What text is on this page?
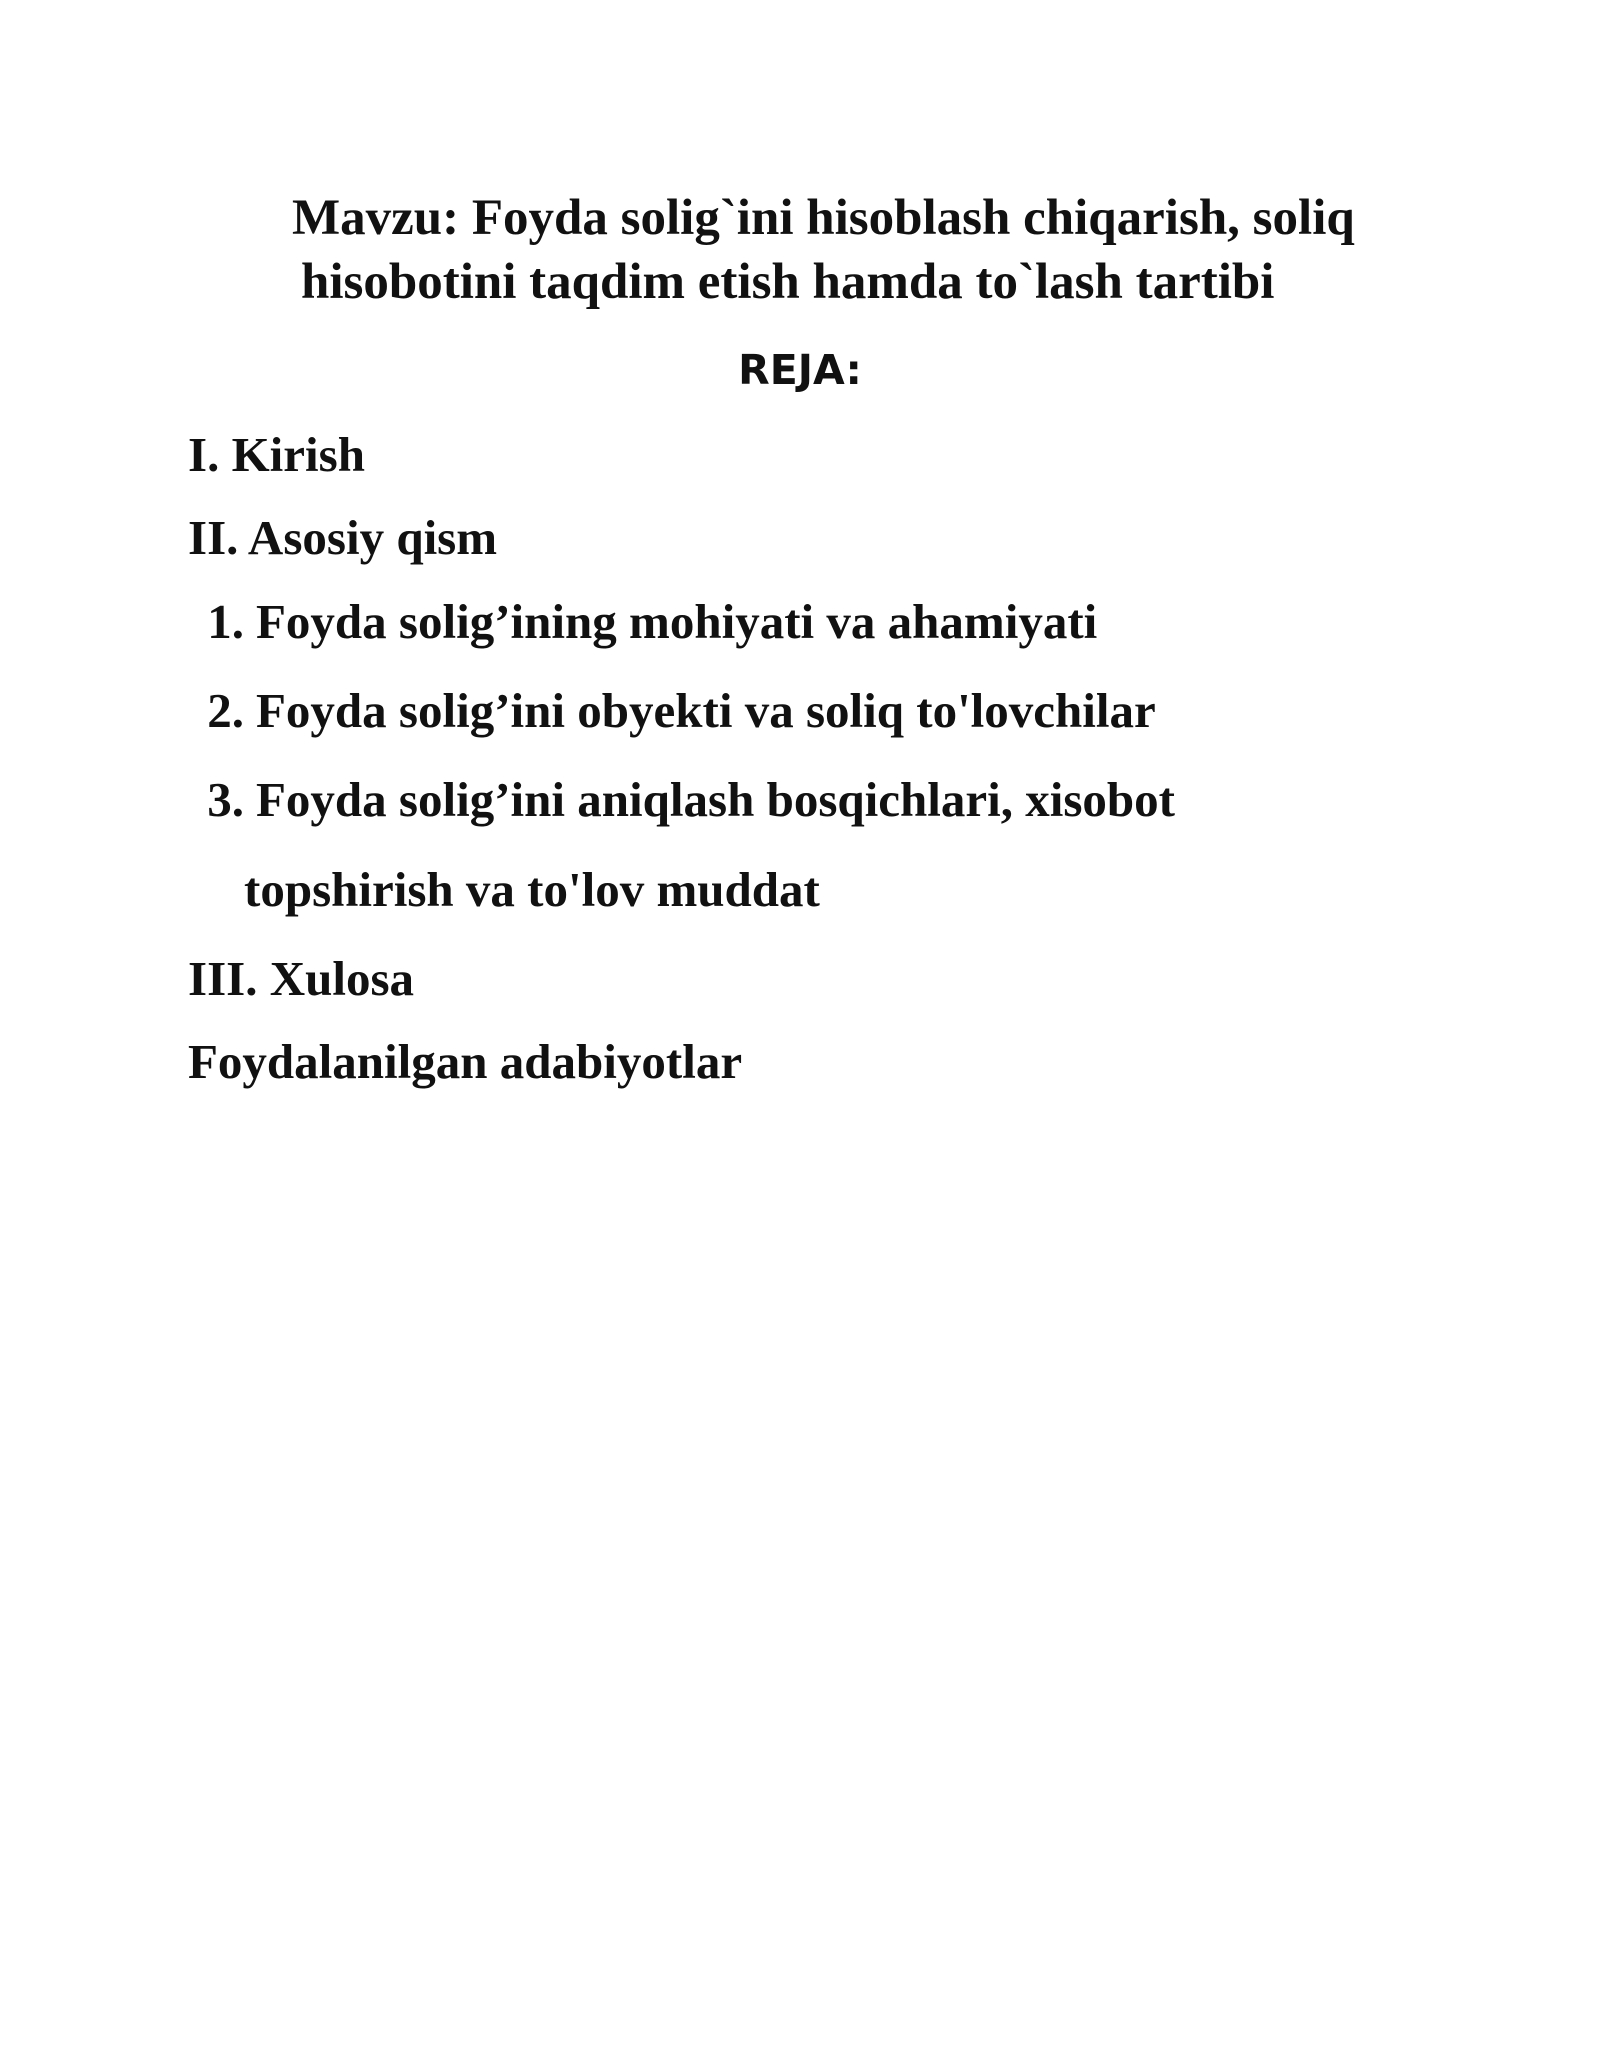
Mavzu: Foyda solig`ini hisoblash chiqarish, soliq
hisobotini taqdim etish hamda to`lash tartibi
REJA:
I. Kirish
II. Asosiy qism
1. Foyda solig’ining mohiyati va ahamiyati
2. Foyda solig’ini obyekti va soliq to'lovchilar
3. Foyda solig’ini aniqlash bosqichlari, xisobot
topshirish va to'lov muddat
III. Xulosa
Foydalanilgan adabiyotlar
